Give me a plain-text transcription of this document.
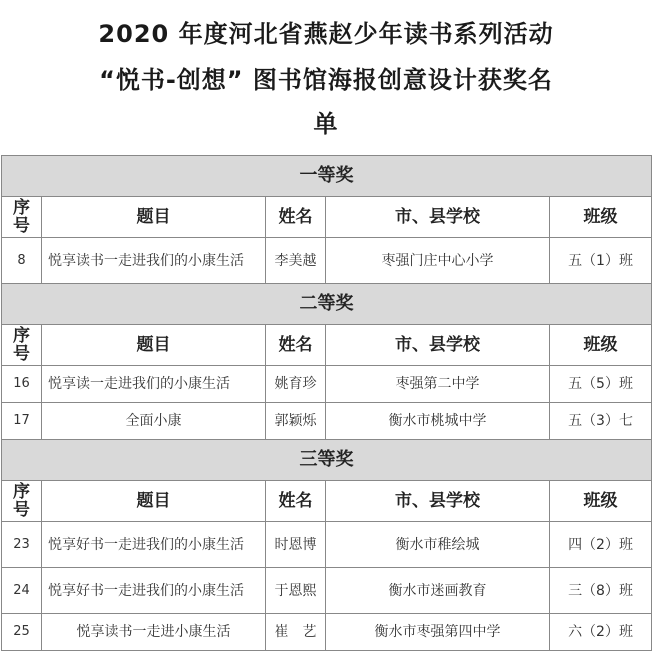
2020 年度河北省燕赵少年读书系列活动
“悦书-创想” 图书馆海报创意设计获奖名
单
一等奖				
序号	题目	姓名	市、县学校	班级
8	悦享读书一走进我们的小康生活	李美越	枣强门庄中心小学	五（1）班
二等奖				
序号	题目	姓名	市、县学校	班级
16	悦享读一走进我们的小康生活	姚育珍	枣强第二中学	五（5）班
17	全面小康	郭颖烁	衡水市桃城中学	五（3）七
三等奖				
序号	题目	姓名	市、县学校	班级
23	悦享好书一走进我们的小康生活	时恩博	衡水市稚绘城	四（2）班
24	悦享好书一走进我们的小康生活	于恩熙	衡水市迷画教育	三（8）班
25	悦享读书一走进小康生活	崔　艺	衡水市枣强第四中学	六（2）班
